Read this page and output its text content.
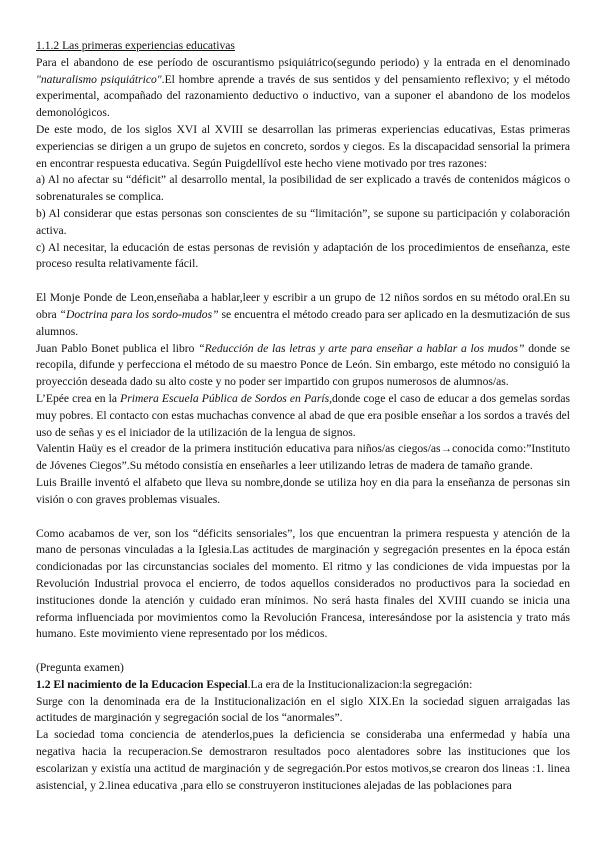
1.1.2 Las primeras experiencias educativas

Para el abandono de ese período de oscurantismo psiquiátrico(segundo periodo) y la entrada en el denominado "naturalismo psiquiátrico".El hombre aprende a través de sus sentidos y del pensamiento reflexivo; y el método experimental, acompañado del razonamiento deductivo o inductivo, van a suponer el abandono de los modelos demonológicos.

De este modo, de los siglos XVI al XVIII se desarrollan las primeras experiencias educativas, Estas primeras experiencias se dirigen a un grupo de sujetos en concreto, sordos y ciegos. Es la discapacidad sensorial la primera en encontrar respuesta educativa. Según Puigdellívol este hecho viene motivado por tres razones:

a) Al no afectar su “déficit” al desarrollo mental, la posibilidad de ser explicado a través de contenidos mágicos o sobrenaturales se complica.

b) Al considerar que estas personas son conscientes de su “limitación”, se supone su participación y colaboración activa.

c) Al necesitar, la educación de estas personas de revisión y adaptación de los procedimientos de enseñanza, este proceso resulta relativamente fácil.

El Monje Ponde de Leon,enseñaba a hablar,leer y escribir a un grupo de 12 niños sordos en su método oral.En su obra “Doctrina para los sordo-mudos” se encuentra el método creado para ser aplicado en la desmutización de sus alumnos.

Juan Pablo Bonet publica el libro “Reducción de las letras y arte para enseñar a hablar a los mudos” donde se recopila, difunde y perfecciona el método de su maestro Ponce de León. Sin embargo, este método no consiguió la proyección deseada dado su alto coste y no poder ser impartido con grupos numerosos de alumnos/as.

L’Epée crea en la Primera Escuela Pública de Sordos en París,donde coge el caso de educar a dos gemelas sordas muy pobres. El contacto con estas muchachas convence al abad de que era posible enseñar a los sordos a través del uso de señas y es el iniciador de la utilización de la lengua de signos.

Valentin Haüy es el creador de la primera institución educativa para niños/as ciegos/as→conocida como:”Instituto de Jóvenes Ciegos”.Su método consistía en enseñarles a leer utilizando letras de madera de tamaño grande.

Luis Braille inventó el alfabeto que lleva su nombre,donde se utiliza hoy en dia para la enseñanza de personas sin visión o con graves problemas visuales.

Como acabamos de ver, son los “déficits sensoriales”, los que encuentran la primera respuesta y atención de la mano de personas vinculadas a la Iglesia.Las actitudes de marginación y segregación presentes en la época están condicionadas por las circunstancias sociales del momento. El ritmo y las condiciones de vida impuestas por la Revolución Industrial provoca el encierro, de todos aquellos considerados no productivos para la sociedad en instituciones donde la atención y cuidado eran mínimos. No será hasta finales del XVIII cuando se inicia una reforma influenciada por movimientos como la Revolución Francesa, interesándose por la asistencia y trato más humano. Este movimiento viene representado por los médicos.

(Pregunta examen)

1.2 El nacimiento de la Educacion Especial.La era de la Institucionalizacion:la segregación:

Surge con la denominada era de la Institucionalización en el siglo XIX.En la sociedad siguen arraigadas las actitudes de marginación y segregación social de los “anormales”.

La sociedad toma conciencia de atenderlos,pues la deficiencia se consideraba una enfermedad y había una negativa hacia la recuperacion.Se demostraron resultados poco alentadores sobre las instituciones que los escolarizan y existía una actitud de marginación y de segregación.Por estos motivos,se crearon dos lineas :1. linea asistencial, y 2.linea educativa ,para ello se construyeron instituciones alejadas de las poblaciones para
